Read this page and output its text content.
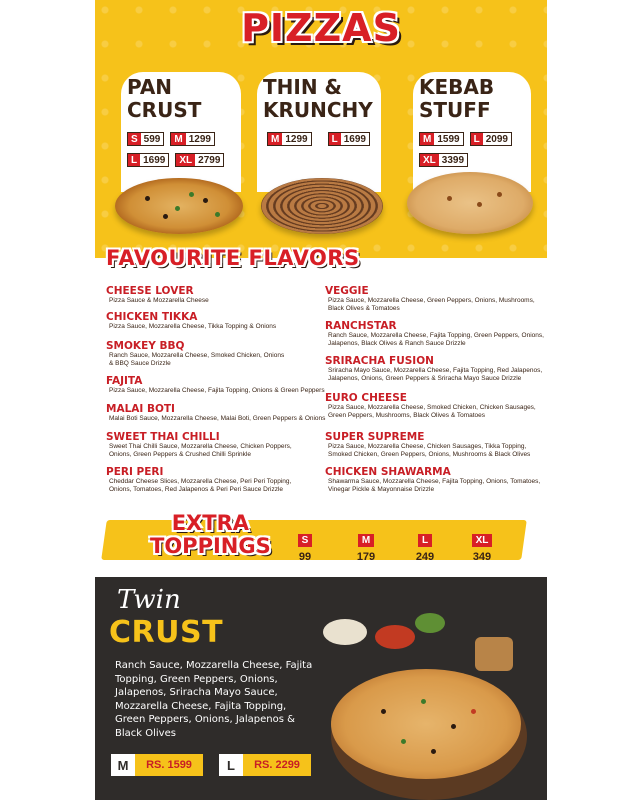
PIZZAS
PAN
CRUST
S 599	M 1299
L 1699	XL 2799
THIN &
KRUNCHY
M 1299	L 1699
KEBAB
STUFF
M 1599	L 2099
XL 3399
FAVOURITE FLAVORS
CHEESE LOVER
Pizza Sauce & Mozzarella Cheese
CHICKEN TIKKA
Pizza Sauce, Mozzarella Cheese, Tikka Topping & Onions
SMOKEY BBQ
Ranch Sauce, Mozzarella Cheese, Smoked Chicken, Onions & BBQ Sauce Drizzle
FAJITA
Pizza Sauce, Mozzarella Cheese, Fajita Topping, Onions & Green Peppers
MALAI BOTI
Malai Boti Sauce, Mozzarella Cheese, Malai Boti, Green Peppers & Onions
SWEET THAI CHILLI
Sweet Thai Chilli Sauce, Mozzarella Cheese, Chicken Poppers, Onions, Green Peppers & Crushed Chilli Sprinkle
PERI PERI
Cheddar Cheese Slices, Mozzarella Cheese, Peri Peri Topping, Onions, Tomatoes, Red Jalapenos & Peri Peri Sauce Drizzle
VEGGIE
Pizza Sauce, Mozzarella Cheese, Green Peppers, Onions, Mushrooms, Black Olives & Tomatoes
RANCHSTAR
Ranch Sauce, Mozzarella Cheese, Fajita Topping, Green Peppers, Onions, Jalapenos, Black Olives & Ranch Sauce Drizzle
SRIRACHA FUSION
Sriracha Mayo Sauce, Mozzarella Cheese, Fajita Topping, Red Jalapenos, Jalapenos, Onions, Green Peppers & Sriracha Mayo Sauce Drizzle
EURO CHEESE
Pizza Sauce, Mozzarella Cheese, Smoked Chicken, Chicken Sausages, Green Peppers, Mushrooms, Black Olives & Tomatoes
SUPER SUPREME
Pizza Sauce, Mozzarella Cheese, Chicken Sausages, Tikka Topping, Smoked Chicken, Green Peppers, Onions, Mushrooms & Black Olives
CHICKEN SHAWARMA
Shawarma Sauce, Mozzarella Cheese, Fajita Topping, Onions, Tomatoes, Vinegar Pickle & Mayonnaise Drizzle
EXTRA
TOPPINGS	S
99
M
179
L
249
XL
349
Twin
CRUST
Ranch Sauce, Mozzarella Cheese, Fajita Topping, Green Peppers, Onions, Jalapenos, Sriracha Mayo Sauce, Mozzarella Cheese, Fajita Topping, Green Peppers, Onions, Jalapenos & Black Olives
M	RS. 1599	L	RS. 2299
